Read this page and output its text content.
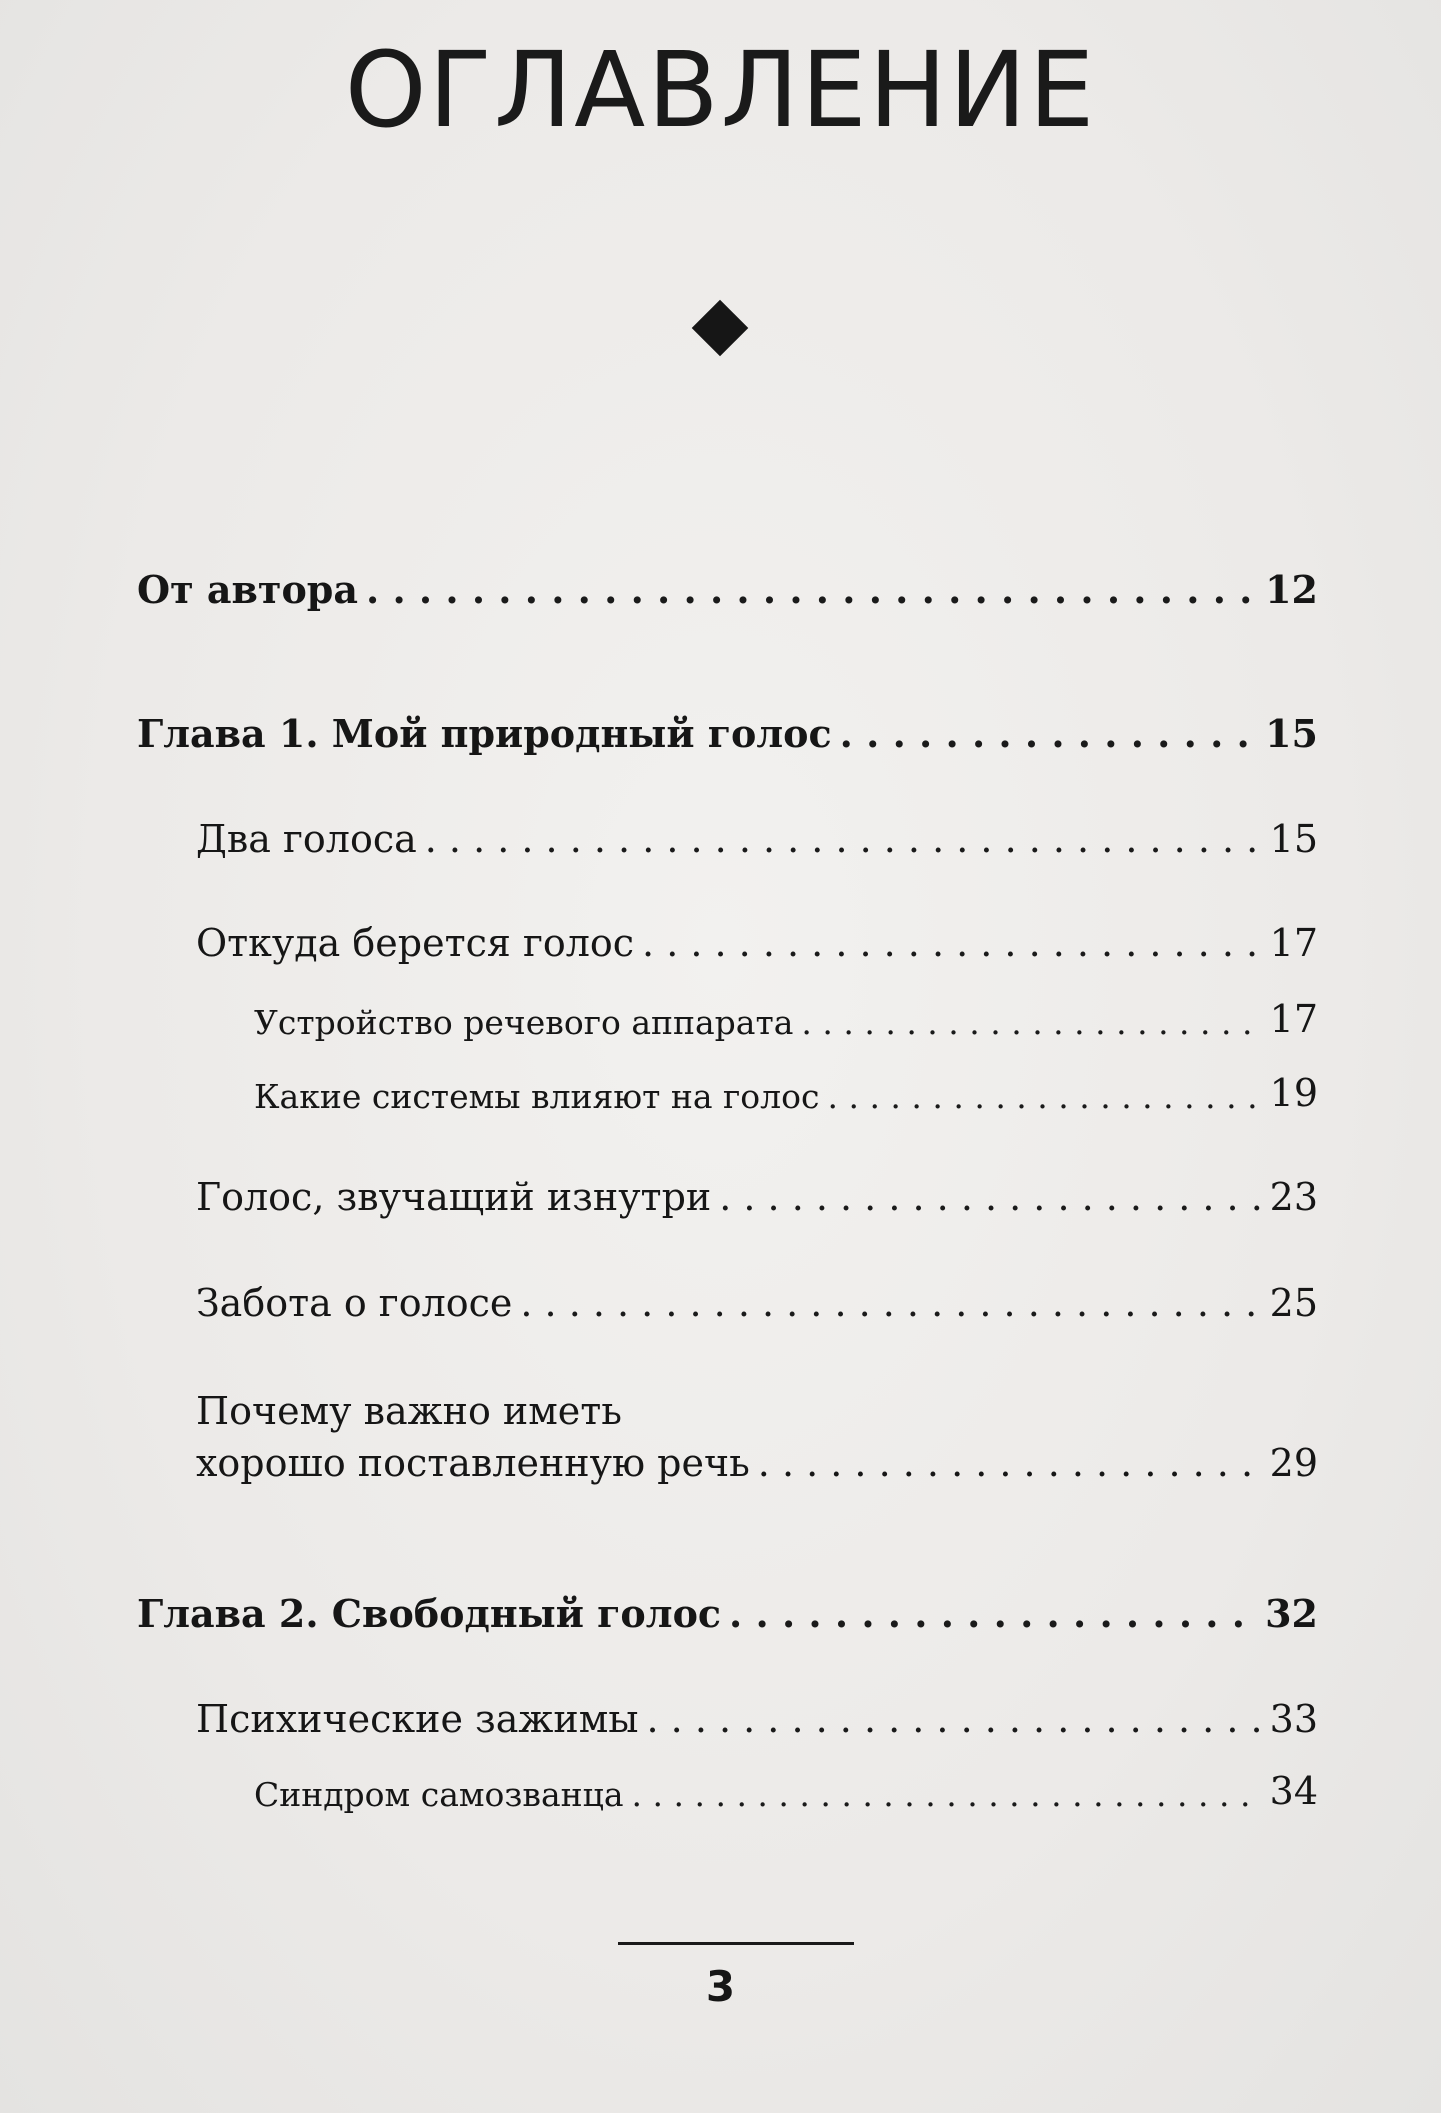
ОГЛАВЛЕНИЕ
От автора . . .	12
Глава 1. Мой природный голос . . .	15
Два голоса . . .	15
Откуда берется голос . . .	17
Устройство речевого аппарата . . .	17
Какие системы влияют на голос . . .	19
Голос, звучащий изнутри . . .	23
Забота о голосе . . .	25
Почему важно иметь
хорошо поставленную речь . . .	29
Глава 2. Свободный голос . . .	32
Психические зажимы . . .	33
Синдром самозванца . . .	34
3
